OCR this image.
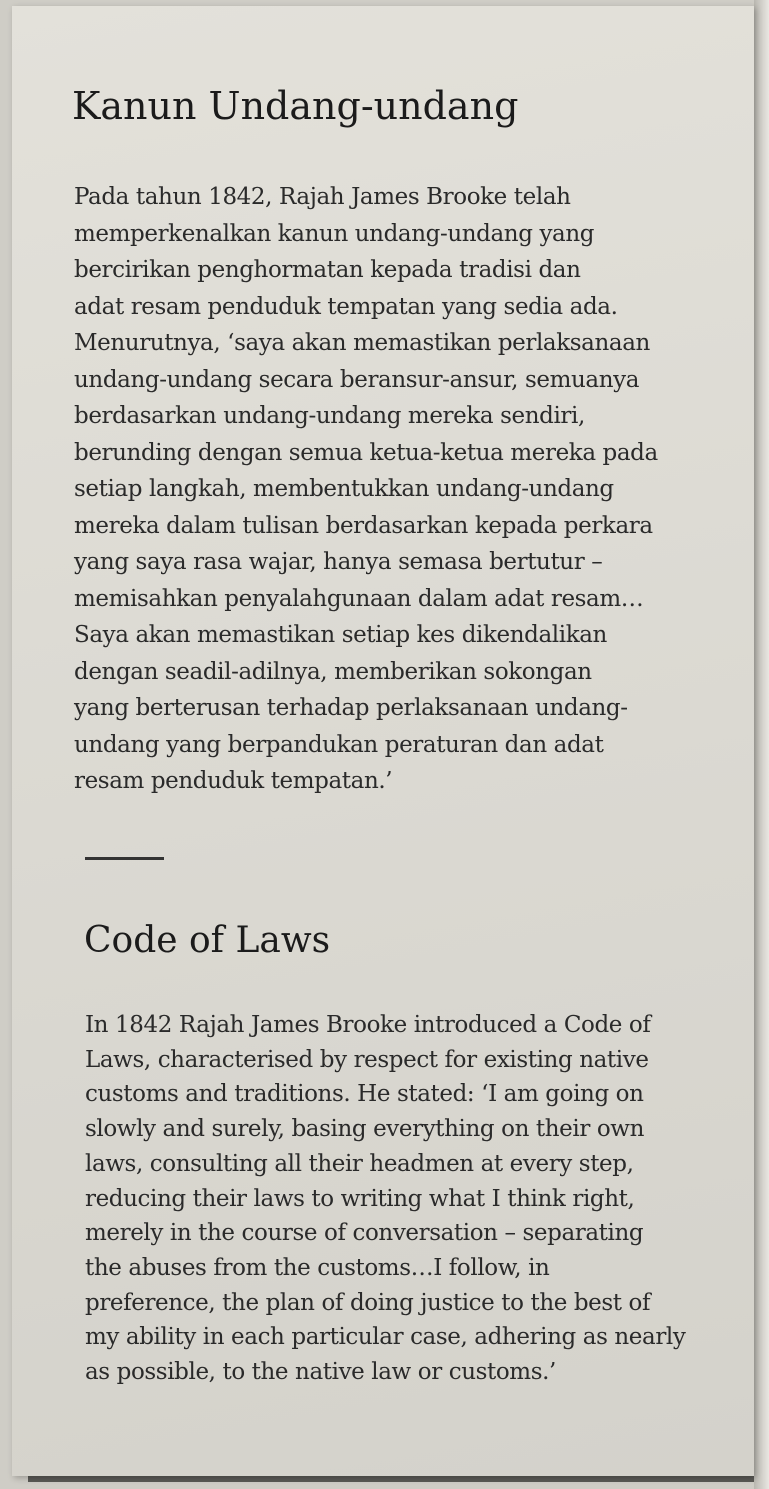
Kanun Undang-undang
Pada tahun 1842, Rajah James Brooke telah
memperkenalkan kanun undang-undang yang
bercirikan penghormatan kepada tradisi dan
adat resam penduduk tempatan yang sedia ada.
Menurutnya, ‘saya akan memastikan perlaksanaan
undang-undang secara beransur-ansur, semuanya
berdasarkan undang-undang mereka sendiri,
berunding dengan semua ketua-ketua mereka pada
setiap langkah, membentukkan undang-undang
mereka dalam tulisan berdasarkan kepada perkara
yang saya rasa wajar, hanya semasa bertutur –
memisahkan penyalahgunaan dalam adat resam…
Saya akan memastikan setiap kes dikendalikan
dengan seadil-adilnya, memberikan sokongan
yang berterusan terhadap perlaksanaan undang-
undang yang berpandukan peraturan dan adat
resam penduduk tempatan.’
Code of Laws
In 1842 Rajah James Brooke introduced a Code of
Laws, characterised by respect for existing native
customs and traditions. He stated: ‘I am going on
slowly and surely, basing everything on their own
laws, consulting all their headmen at every step,
reducing their laws to writing what I think right,
merely in the course of conversation – separating
the abuses from the customs…I follow, in
preference, the plan of doing justice to the best of
my ability in each particular case, adhering as nearly
as possible, to the native law or customs.’
